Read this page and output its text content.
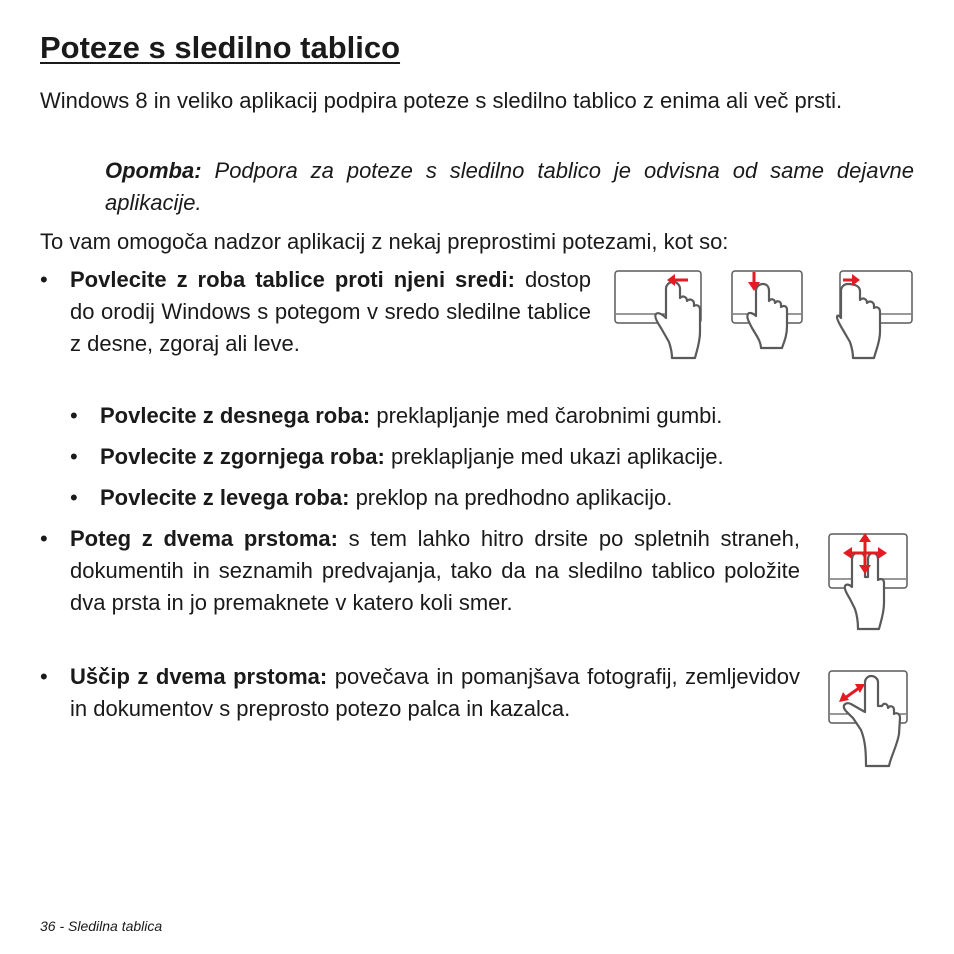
Poteze s sledilno tablico
Windows 8 in veliko aplikacij podpira poteze s sledilno tablico z enima ali več prsti.
Opomba: Podpora za poteze s sledilno tablico je odvisna od same dejavne aplikacije.
To vam omogoča nadzor aplikacij z nekaj preprostimi potezami, kot so:
• Povlecite z roba tablice proti njeni sredi: dostop do orodij Windows s potegom v sredo sledilne tablice z desne, zgoraj ali leve.
• Povlecite z desnega roba: preklapljanje med čarobnimi gumbi.
• Povlecite z zgornjega roba: preklapljanje med ukazi aplikacije.
• Povlecite z levega roba: preklop na predhodno aplikacijo.
• Poteg z dvema prstoma: s tem lahko hitro drsite po spletnih straneh, dokumentih in seznamih predvajanja, tako da na sledilno tablico položite dva prsta in jo premaknete v katero koli smer.
• Uščip z dvema prstoma: povečava in pomanjšava fotografij, zemljevidov in dokumentov s preprosto potezo palca in kazalca.
36 - Sledilna tablica
